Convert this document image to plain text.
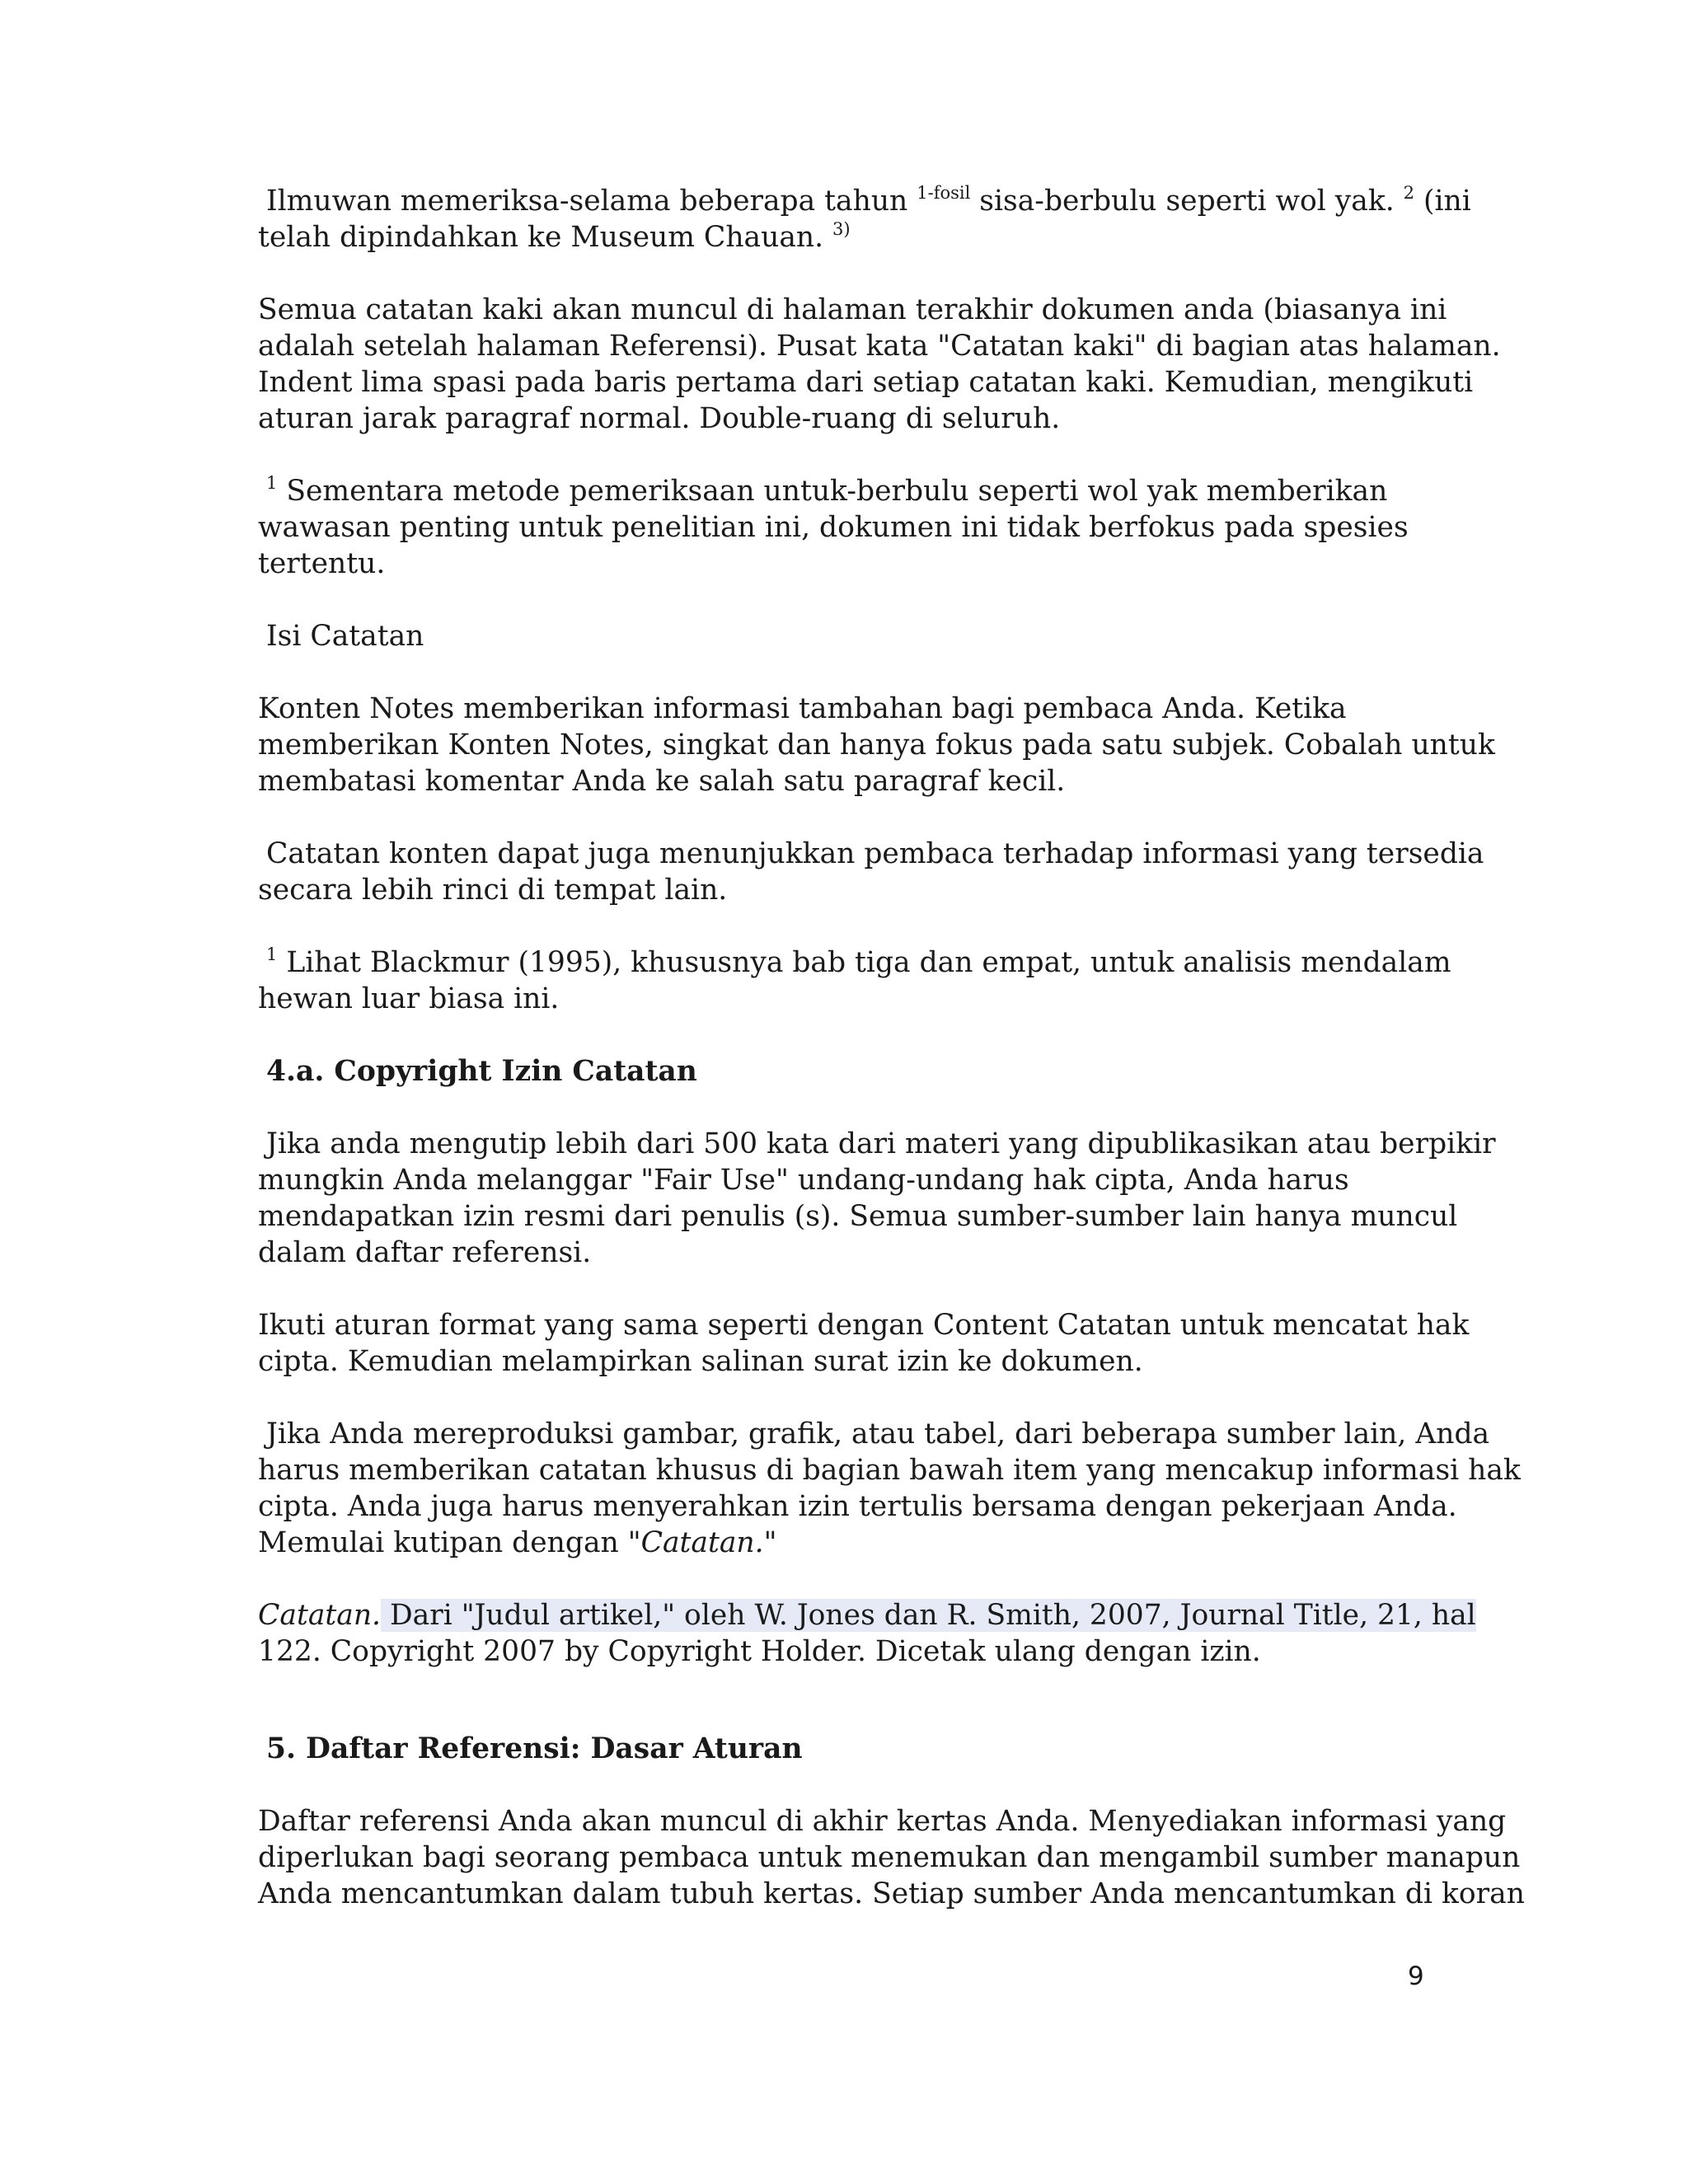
Ilmuwan memeriksa-selama beberapa tahun $^{1-fosil}$ sisa-berbulu seperti wol yak. $^2$ (ini
telah dipindahkan ke Museum Chauan. $^{3)}$
Semua catatan kaki akan muncul di halaman terakhir dokumen anda (biasanya ini
adalah setelah halaman Referensi). Pusat kata "Catatan kaki" di bagian atas halaman.
Indent lima spasi pada baris pertama dari setiap catatan kaki. Kemudian, mengikuti
aturan jarak paragraf normal. Double-ruang di seluruh.
$^1$ Sementara metode pemeriksaan untuk-berbulu seperti wol yak memberikan
wawasan penting untuk penelitian ini, dokumen ini tidak berfokus pada spesies
tertentu.
Isi Catatan
Konten Notes memberikan informasi tambahan bagi pembaca Anda. Ketika
memberikan Konten Notes, singkat dan hanya fokus pada satu subjek. Cobalah untuk
membatasi komentar Anda ke salah satu paragraf kecil.
Catatan konten dapat juga menunjukkan pembaca terhadap informasi yang tersedia
secara lebih rinci di tempat lain.
$^1$ Lihat Blackmur (1995), khususnya bab tiga dan empat, untuk analisis mendalam
hewan luar biasa ini.
4.a. Copyright Izin Catatan
Jika anda mengutip lebih dari 500 kata dari materi yang dipublikasikan atau berpikir
mungkin Anda melanggar "Fair Use" undang-undang hak cipta, Anda harus
mendapatkan izin resmi dari penulis (s). Semua sumber-sumber lain hanya muncul
dalam daftar referensi.
Ikuti aturan format yang sama seperti dengan Content Catatan untuk mencatat hak
cipta. Kemudian melampirkan salinan surat izin ke dokumen.
Jika Anda mereproduksi gambar, grafik, atau tabel, dari beberapa sumber lain, Anda
harus memberikan catatan khusus di bagian bawah item yang mencakup informasi hak
cipta. Anda juga harus menyerahkan izin tertulis bersama dengan pekerjaan Anda.
Memulai kutipan dengan "Catatan."
Catatan. Dari "Judul artikel," oleh W. Jones dan R. Smith, 2007, Journal Title, 21, hal
122. Copyright 2007 by Copyright Holder. Dicetak ulang dengan izin.
5. Daftar Referensi: Dasar Aturan
Daftar referensi Anda akan muncul di akhir kertas Anda. Menyediakan informasi yang
diperlukan bagi seorang pembaca untuk menemukan dan mengambil sumber manapun
Anda mencantumkan dalam tubuh kertas. Setiap sumber Anda mencantumkan di koran
9
